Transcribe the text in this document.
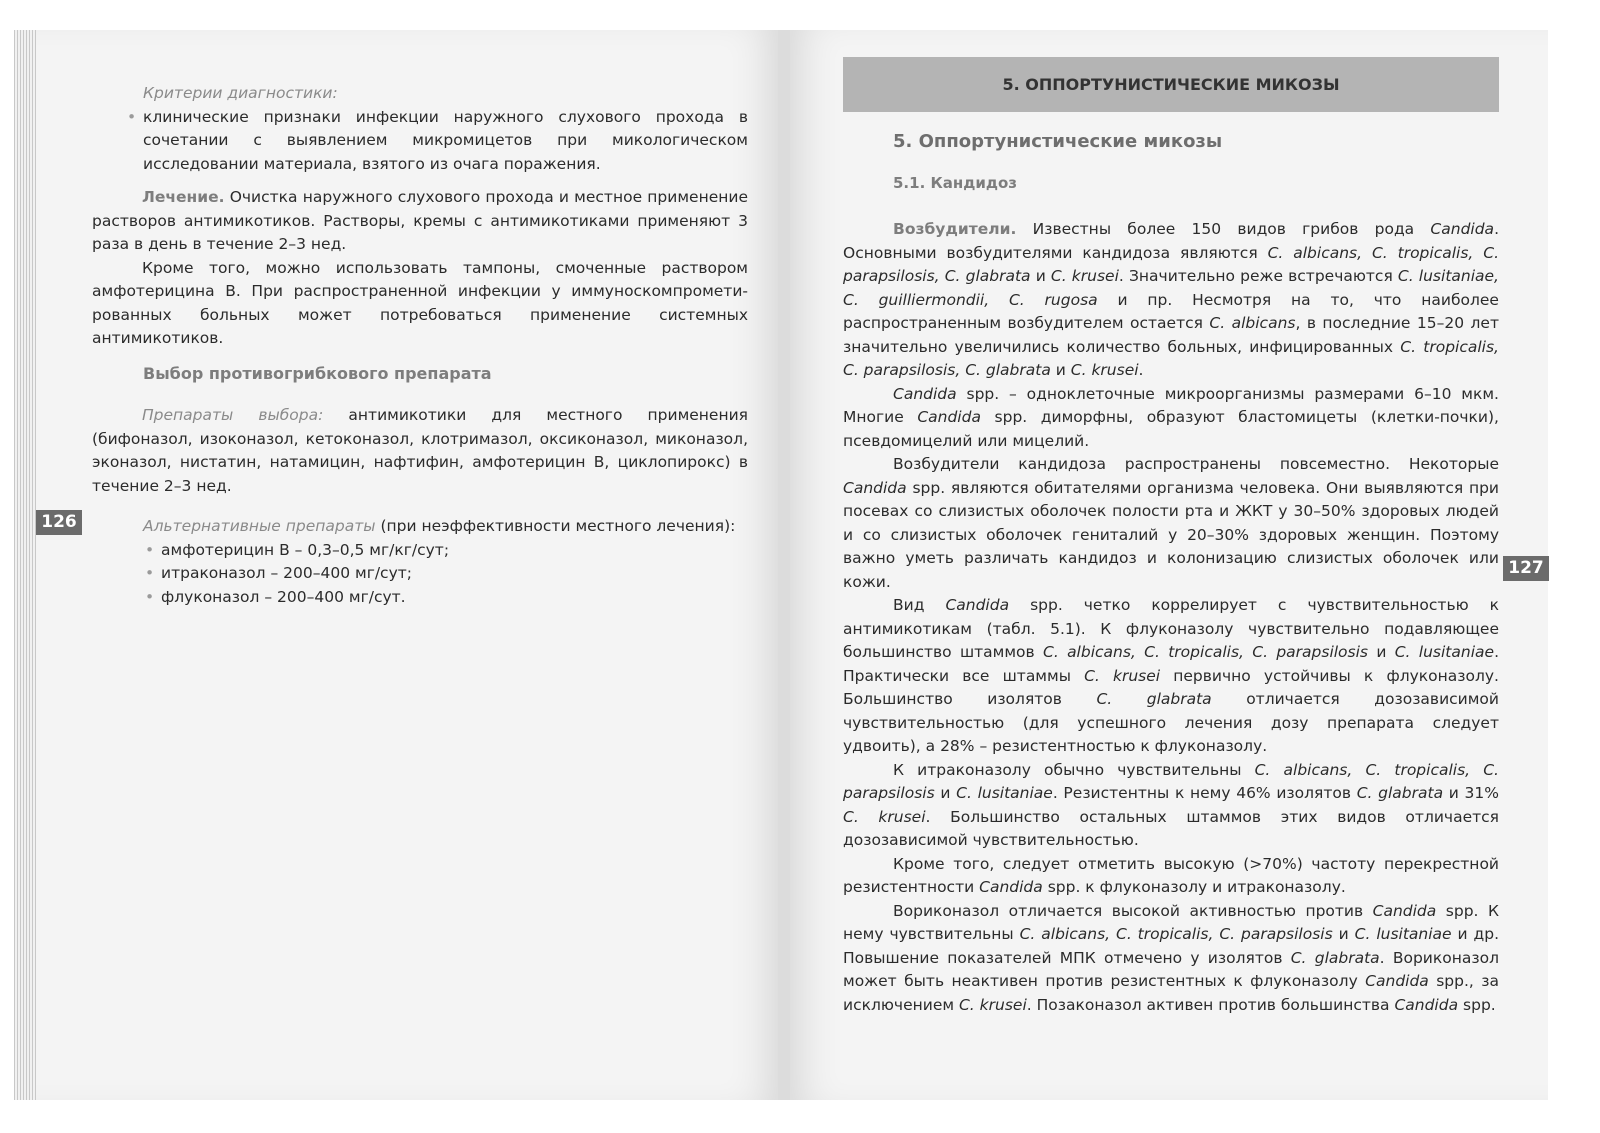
126
127
Критерии диагностики:
• клинические признаки инфекции наружного слухового прохода в сочетании с выявлением микромицетов при микологическом исследовании материала, взятого из очага поражения.

Лечение. Очистка наружного слухового прохода и местное применение растворов антимикотиков. Растворы, кремы с антимикотиками применяют 3 раза в день в течение 2–3 нед.

Кроме того, можно использовать тампоны, смоченные раствором амфотерицина В. При распространенной инфекции у иммуноскомпромети-рованных больных может потребоваться применение системных антимикотиков.

Выбор противогрибкового препарата

Препараты выбора: антимикотики для местного применения (бифоназол, изоконазол, кетоконазол, клотримазол, оксиконазол, миконазол, эконазол, нистатин, натамицин, нафтифин, амфотерицин В, циклопирокс) в течение 2–3 нед.

Альтернативные препараты (при неэффективности местного лечения):
• амфотерицин В – 0,3–0,5 мг/кг/сут;
• итраконазол – 200–400 мг/сут;
• флуконазол – 200–400 мг/сут.
5. ОППОРТУНИСТИЧЕСКИЕ МИКОЗЫ
5. Оппортунистические микозы
5.1. Кандидоз

Возбудители. Известны более 150 видов грибов рода Candida. Основными возбудителями кандидоза являются C. albicans, C. tropicalis, C. parapsilosis, C. glabrata и C. krusei. Значительно реже встречаются C. lusitaniae, C. guilliermondii, C. rugosa и пр. Несмотря на то, что наиболее распространенным возбудителем остается C. albicans, в последние 15–20 лет значительно увеличились количество больных, инфицированных C. tropicalis, C. parapsilosis, C. glabrata и C. krusei.

Candida spp. – одноклеточные микроорганизмы размерами 6–10 мкм. Многие Candida spp. диморфны, образуют бластомицеты (клетки-почки), псевдомицелий или мицелий.

Возбудители кандидоза распространены повсеместно. Некоторые Candida spp. являются обитателями организма человека. Они выявляются при посевах со слизистых оболочек полости рта и ЖКТ у 30–50% здоровых людей и со слизистых оболочек гениталий у 20–30% здоровых женщин. Поэтому важно уметь различать кандидоз и колонизацию слизистых оболочек или кожи.

Вид Candida spp. четко коррелирует с чувствительностью к антимикотикам (табл. 5.1). К флуконазолу чувствительно подавляющее большинство штаммов C. albicans, C. tropicalis, C. parapsilosis и C. lusitaniae. Практически все штаммы C. krusei первично устойчивы к флуконазолу. Большинство изолятов C. glabrata отличается дозозависимой чувствительностью (для успешного лечения дозу препарата следует удвоить), а 28% – резистентностью к флуконазолу.

К итраконазолу обычно чувствительны C. albicans, C. tropicalis, C. parapsilosis и C. lusitaniae. Резистентны к нему 46% изолятов C. glabrata и 31% C. krusei. Большинство остальных штаммов этих видов отличается дозозависимой чувствительностью.

Кроме того, следует отметить высокую (>70%) частоту перекрестной резистентности Candida spp. к флуконазолу и итраконазолу.

Вориконазол отличается высокой активностью против Candida spp. К нему чувствительны C. albicans, C. tropicalis, C. parapsilosis и C. lusitaniae и др. Повышение показателей МПК отмечено у изолятов C. glabrata. Вориконазол может быть неактивен против резистентных к флуконазолу Candida spp., за исключением C. krusei. Позаконазол активен против большинства Candida spp.
